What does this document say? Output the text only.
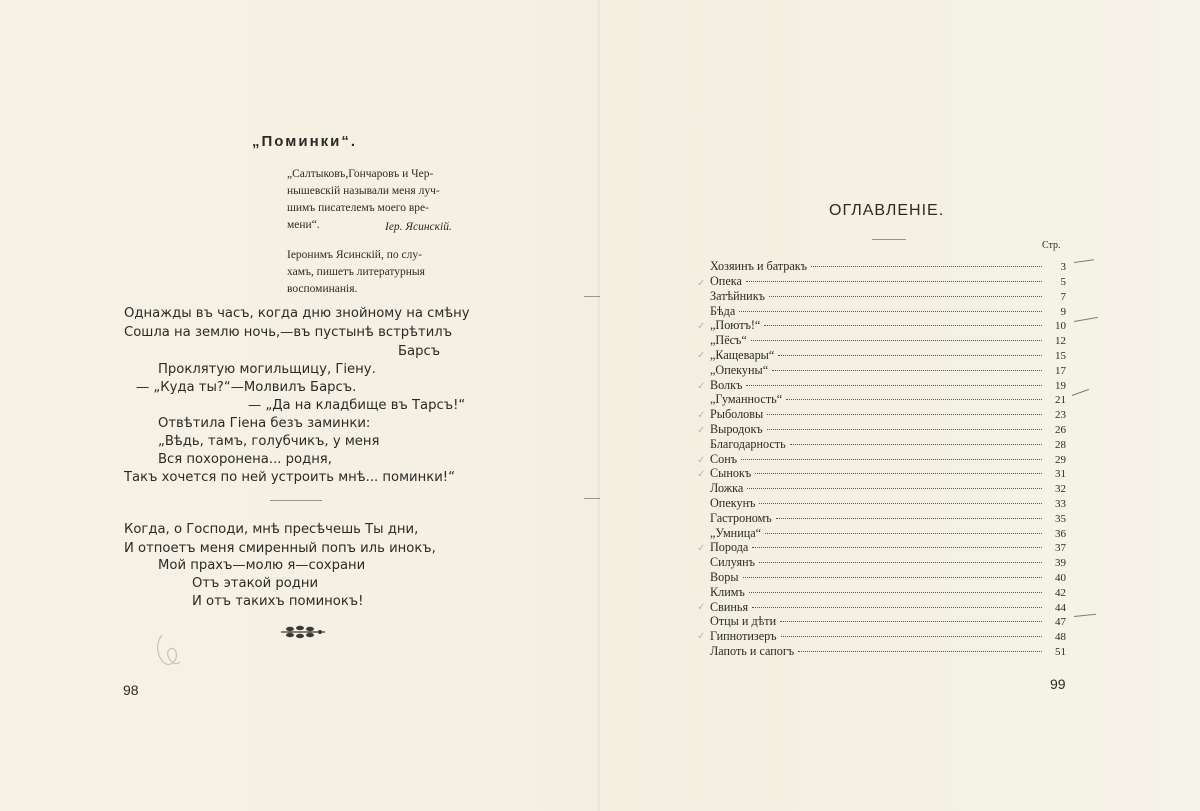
„Поминки“.
„Салтыковъ,Гончаровъ и Чер-
нышевскій называли меня луч-
шимъ писателемъ моего вре-
мени“.	Іер. Ясинскій.
Іеронимъ Ясинскій, по слу-
хамъ, пишетъ литературныя
воспоминанія.
Однажды въ часъ, когда дню знойному на смѣну
Сошла на землю ночь,—въ пустынѣ встрѣтилъ
Барсъ
Проклятую могильщицу, Гіену.
— „Куда ты?“—Молвилъ Барсъ.
— „Да на кладбище въ Тарсъ!“
Отвѣтила Гіена безъ заминки:
„Вѣдь, тамъ, голубчикъ, у меня
Вся похоронена... родня,
Такъ хочется по ней устроить мнѣ... поминки!“
Когда, о Господи, мнѣ пресѣчешь Ты дни,
И отпоетъ меня смиренный попъ иль инокъ,
Мой прахъ—молю я—сохрани
Отъ этакой родни
И отъ такихъ поминокъ!
98
ОГЛАВЛЕНІЕ.
Стр.
Хозяинъ и батракъ	3
Опека	5
Затѣйникъ	7
Бѣда	9
„Поютъ!“	10
„Пёсъ“	12
„Кащевары“	15
„Опекуны“	17
Волкъ	19
„Гуманность“	21
Рыболовы	23
Выродокъ	26
Благодарность	28
Сонъ	29
Сынокъ	31
Ложка	32
Опекунъ	33
Гастрономъ	35
„Умница“	36
Порода	37
Силуянъ	39
Воры	40
Климъ	42
Свинья	44
Отцы и дѣти	47
Гипнотизеръ	48
Лапоть и сапогъ	51
✓
✓
✓
✓
✓
✓
✓
✓
✓
✓
✓
99
